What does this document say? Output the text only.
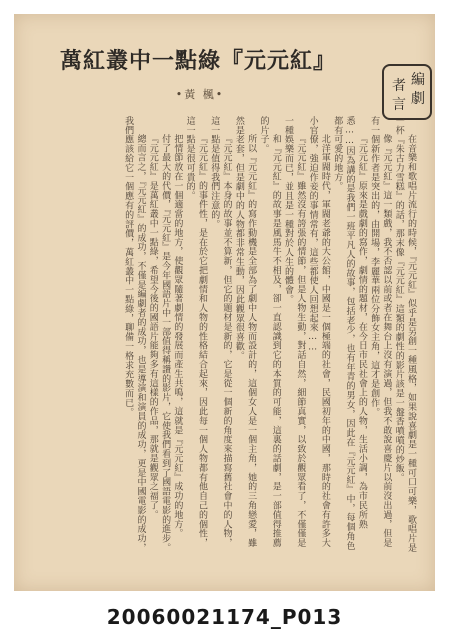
編
劇
者
言
萬紅叢中一點綠『元元紅』
•黃 楓•

在音樂和歌唱片流行的時候，『元元紅』似乎是另創一種風格，如果說喜劇是一種可口可樂，歌唱片是一杯『朱古力雪糕』的話，那末像『元元紅』這類的劇性的影片該是一盤香噴噴的炒飯。

像『元元紅』這一類戲，我不否認以前或者在舞台上沒有演過，但我不敢說喜慶片以前沒出過，但是有一個新作者是突出的，由開場，李麗華兩位分飾女主角，這才是創作。

『元元紅』原來是戲劇的寫作，劇情的題材，在今日市民社會上的人物，生活小調，為市民所熟悉……因為講的是我們一班平凡人的故事，包括老少，也有年青的男女，因此在『元元紅』中，每個角色都有可愛的地方。

北洋軍閥時代，軍閥老爺的大公館，中國是一個極端的社會，民國初年的中國，那時的社會有許多大小官僚，強迫作妾的事情常有，這些都使人回想起來……

『元元紅』雖然沒有誇張的情節，但是人物生動，對話自然，細節真實，以致於觀眾看了，不僅僅是一種娛樂而已，並且是一種對於人生的體會。

和『元元紅』的故事是風馬牛不相及，卻一直認識到它的本質的可能，這裏的話劇，是一部值得推薦的片子。

所以『元元紅』的寫作動機是全部為了劇中人物而設計的，這個女人是一個主角，她的三角戀愛，雖然是老套，但是劇中的人物都非常生動，因此觀眾很喜歡。

『元元紅』本身的故事並不算新，但它的題材是新的，它是從一個新的角度來描寫舊社會中的人物，這一點是值得我們注意的。

『元元紅』的事件性，是在於它把劇情和人物的性格結合起來，因此每一個人物都有他自己的個性，這一點是很可貴的。

把情節放在一個適當的地方，使觀眾隨著劇情的發展而產生共鳴，這就是『元元紅』成功的地方。

付了最大的代價，『元元紅』是今年國語片中一部值得稱讚的影片，它使我們看到了國語電影的進步。

『元元紅』是萬紅叢中一點綠，希望今後的國語片能夠多有這樣的作品，那就是觀眾之福了。

總而言之，『元元紅』的成功，不僅是編劇者的成功，也是導演和演員的成功，更是中國電影的成功，我們應該給它一個應有的評價，萬紅叢中一點綠，聊備一格求充數而已。

20060021174_P013
